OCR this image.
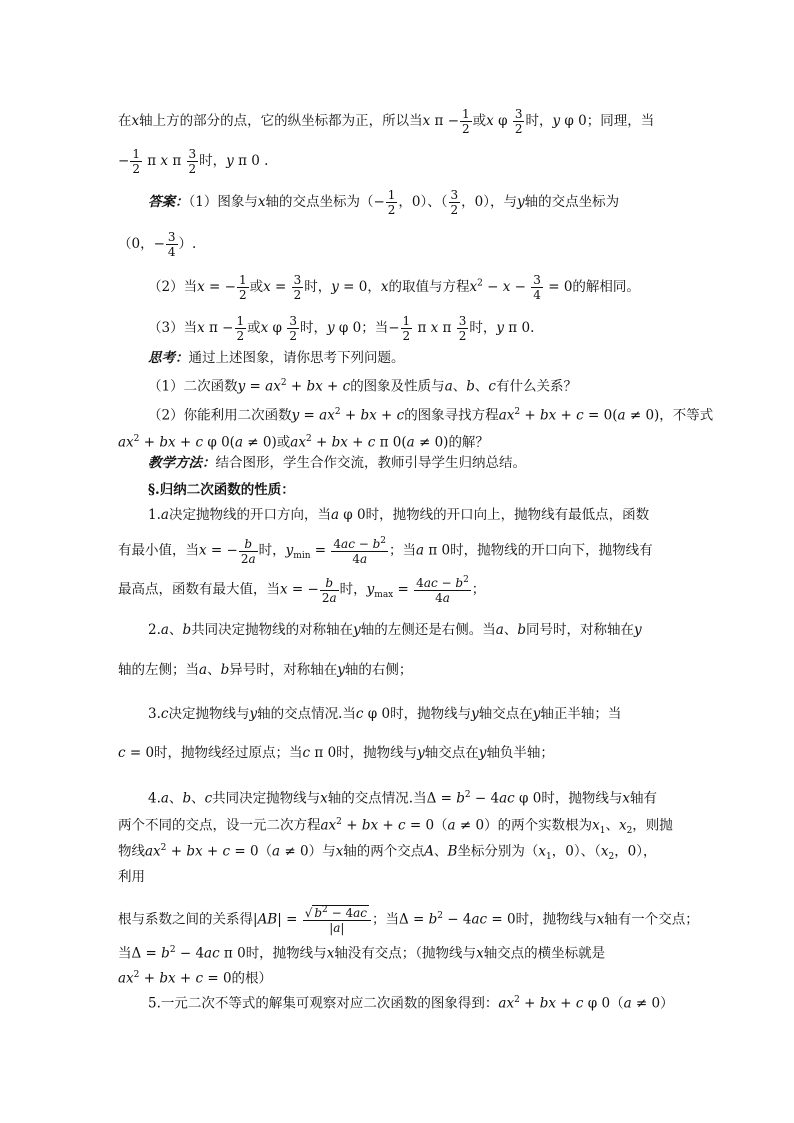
在x轴上方的部分的点，它的纵坐标都为正，所以当x $\pi - \frac{1}{2}$ 或x φ $\frac{3}{2}$ 时，y φ 0；同理，当
− $\frac{1}{2}$ π x π $\frac{3}{2}$ 时，y π 0 .
答案：（1）图象与x轴的交点坐标为（− $\frac{1}{2}$ ，0）、（ $\frac{3}{2}$ ，0），与y轴的交点坐标为
（0，− $\frac{3}{4}$ ）.
（2）当x = − $\frac{1}{2}$ 或$x = \frac{3}{2}$ 时，y = 0，x的取值与方程$x^2 - x - \frac{3}{4} = 0$的解相同。
（3）当x $\pi - \frac{1}{2}$ 或x φ $\frac{3}{2}$ 时，y φ 0；当− $\frac{1}{2}$ π x π $\frac{3}{2}$ 时，y π 0.
思考：通过上述图象，请你思考下列问题。
（1）二次函数$y = ax^2$ + bx + c的图象及性质与a、b、c有什么关系？
（2）你能利用二次函数$y = ax^2$ + bx + c的图象寻找方程$ax^2$ + bx + c = 0(a ≠ 0)，不等式
$ax^2$ + bx + c φ 0(a ≠ 0)或$ax^2$ + bx + c π 0(a ≠ 0)的解？
教学方法：结合图形，学生合作交流，教师引导学生归纳总结。
§.归纳二次函数的性质：
1.a决定抛物线的开口方向，当a φ 0时，抛物线的开口向上，抛物线有最低点，函数
有最小值，当x = − $\frac{b}{2a}$ 时，$y_{min} = \frac{4ac - b^2}{4a}$ ；当a π 0时，抛物线的开口向下，抛物线有
最高点，函数有最大值，当x = − $\frac{b}{2a}$ 时，$y_{max} = \frac{4ac - b^2}{4a}$ ；
2.a、b共同决定抛物线的对称轴在y轴的左侧还是右侧。当a、b同号时，对称轴在y
轴的左侧；当a、b异号时，对称轴在y轴的右侧；
3.c决定抛物线与y轴的交点情况.当c φ 0时，抛物线与y轴交点在y轴正半轴；当
c = 0时，抛物线经过原点；当c π 0时，抛物线与y轴交点在y轴负半轴；
4.a、b、c共同决定抛物线与x轴的交点情况.当$\Delta = b^2 - 4ac$ φ 0时，抛物线与x轴有
两个不同的交点，设一元二次方程$ax^2$ + bx + c = 0（a ≠ 0）的两个实数根为$x_1$、$x_2$，则抛
物线$ax^2$ + bx + c = 0（a ≠ 0）与x轴的两个交点A、B坐标分别为（$x_1$，0）、（$x_2$，0），
利用
根与系数之间的关系得$|AB| = \frac{√ b^2 - 4ac}{|a|}$ ；当$\Delta = b^2 - 4ac = 0$时，抛物线与x轴有一个交点；
当$\Delta = b^2 - 4ac$ π 0时，抛物线与x轴没有交点；（抛物线与x轴交点的横坐标就是
$ax^2$ + bx + c = 0的根）
5.一元二次不等式的解集可观察对应二次函数的图象得到：$ax^2$ + bx + c φ 0（a ≠ 0）
